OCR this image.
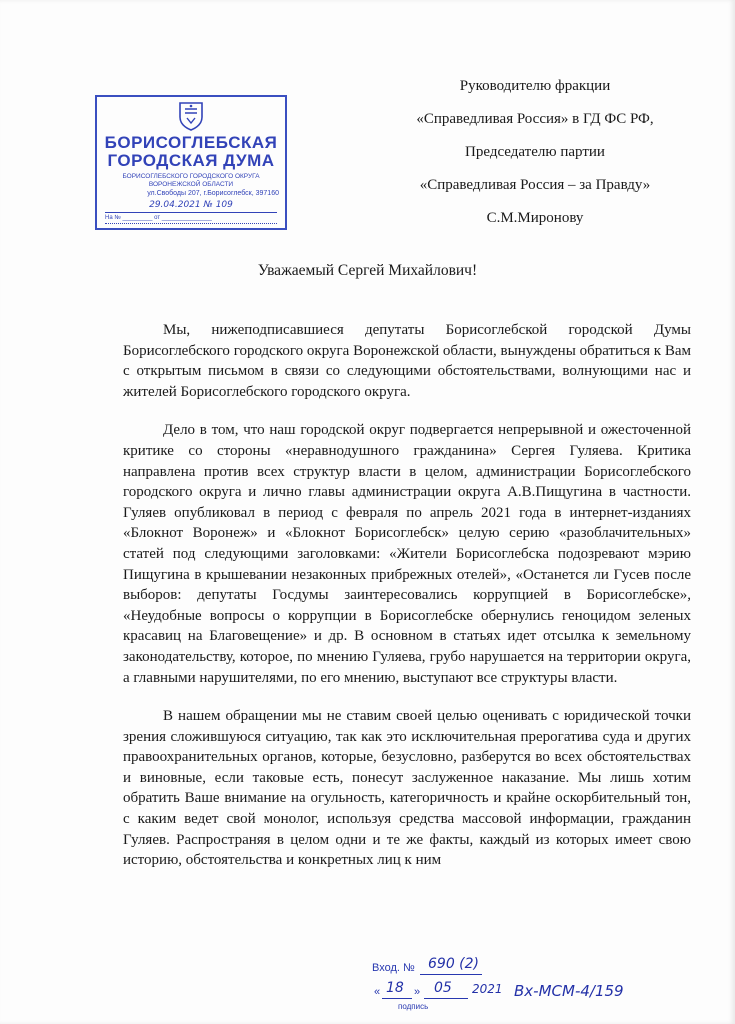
БОРИСОГЛЕБСКАЯ
ГОРОДСКАЯ ДУМА
БОРИСОГЛЕБСКОГО ГОРОДСКОГО ОКРУГА
ВОРОНЕЖСКОЙ ОБЛАСТИ
ул.Свободы 207, г.Борисоглебск, 397160
29.04.2021 № 109
На № _________ от _______________
Руководителю фракции
«Справедливая Россия» в ГД ФС РФ,
Председателю партии
«Справедливая Россия – за Правду»
С.М.Миронову
Уважаемый Сергей Михайлович!

Мы, нижеподписавшиеся депутаты Борисоглебской городской Думы Борисоглебского городского округа Воронежской области, вынуждены обратиться к Вам с открытым письмом в связи со следующими обстоятельствами, волнующими нас и жителей Борисоглебского городского округа.

Дело в том, что наш городской округ подвергается непрерывной и ожесточенной критике со стороны «неравнодушного гражданина» Сергея Гуляева. Критика направлена против всех структур власти в целом, администрации Борисоглебского городского округа и лично главы администрации округа А.В.Пищугина в частности. Гуляев опубликовал в период с февраля по апрель 2021 года в интернет-изданиях «Блокнот Воронеж» и «Блокнот Борисоглебск» целую серию «разоблачительных» статей под следующими заголовками: «Жители Борисоглебска подозревают мэрию Пищугина в крышевании незаконных прибрежных отелей», «Останется ли Гусев после выборов: депутаты Госдумы заинтересовались коррупцией в Борисоглебске», «Неудобные вопросы о коррупции в Борисоглебске обернулись геноцидом зеленых красавиц на Благовещение» и др. В основном в статьях идет отсылка к земельному законодательству, которое, по мнению Гуляева, грубо нарушается на территории округа, а главными нарушителями, по его мнению, выступают все структуры власти.

В нашем обращении мы не ставим своей целью оценивать с юридической точки зрения сложившуюся ситуацию, так как это исключительная прерогатива суда и других правоохранительных органов, которые, безусловно, разберутся во всех обстоятельствах и виновные, если таковые есть, понесут заслуженное наказание. Мы лишь хотим обратить Ваше внимание на огульность, категоричность и крайне оскорбительный тон, с каким ведет свой монолог, используя средства массовой информации, гражданин Гуляев. Распространяя в целом одни и те же факты, каждый из которых имеет свою историю, обстоятельства и конкретных лиц к ним

Вход. № 690 (2)
« 18 » 05 2021
подпись
Вх-МСМ-4/159
